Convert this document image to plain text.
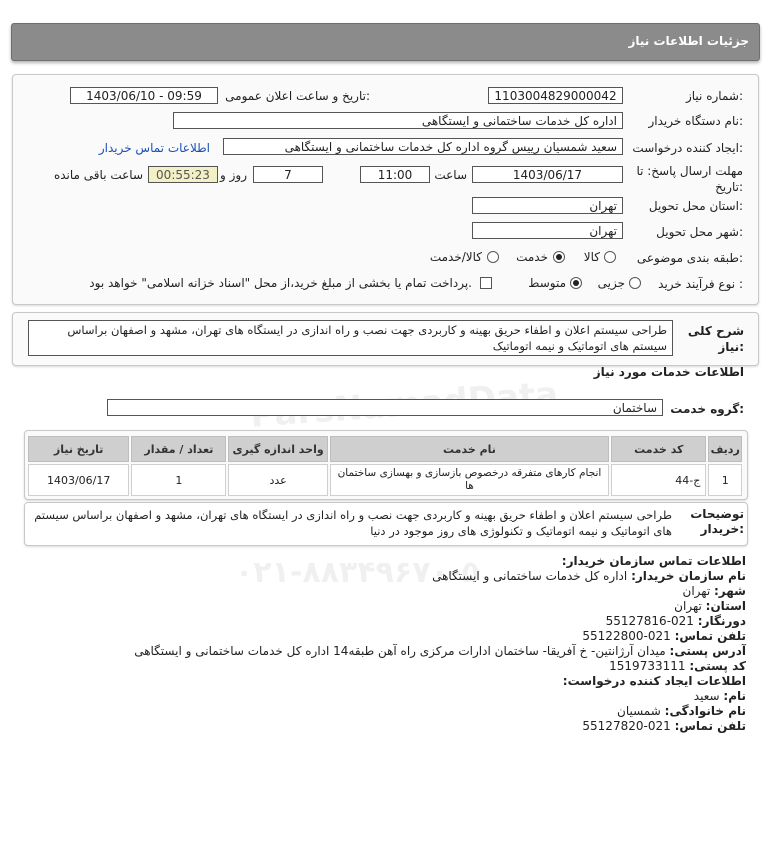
جزئیات اطلاعات نیاز
۰۲۱-۸۸۳۴۹۶۷۰-۵
شماره نیاز:
1103004829000042
تاریخ و ساعت اعلان عمومی:
1403/06/10 - 09:59
نام دستگاه خریدار:
اداره کل خدمات ساختمانی و ایستگاهی
ایجاد کننده درخواست:
سعید شمسیان رییس گروه اداره کل خدمات ساختمانی و ایستگاهی
اطلاعات تماس خریدار
مهلت ارسال پاسخ: تا
تاریخ:
1403/06/17
ساعت
11:00
7
روز و
00:55:23
ساعت باقی مانده
استان محل تحویل:
تهران
شهر محل تحویل:
تهران
طبقه بندی موضوعی:
کالا
خدمت
کالا/خدمت
نوع فرآیند خرید :
جزیی
متوسط
پرداخت تمام یا بخشی از مبلغ خرید،از محل "اسناد خزانه اسلامی" خواهد بود.
شرح کلی
نیاز:
طراحی سیستم اعلان و اطفاء حریق بهینه و کاربردی جهت نصب و راه اندازی در ایستگاه های تهران، مشهد و اصفهان براساس سیستم های اتوماتیک و نیمه اتوماتیک
اطلاعات خدمات مورد نیاز
گروه خدمت:
ساختمان
ردیف	کد خدمت	نام خدمت	واحد اندازه گیری	تعداد / مقدار	تاریخ نیاز
1	ج-44	انجام کارهای متفرقه درخصوص بازسازی و بهسازی ساختمان ها	عدد	1	1403/06/17
توضیحات
خریدار:
طراحی سیستم اعلان و اطفاء حریق بهینه و کاربردی جهت نصب و راه اندازی در ایستگاه های تهران، مشهد و اصفهان براساس سیستم های اتوماتیک و نیمه اتوماتیک و تکنولوژی های روز موجود در دنیا
اطلاعات تماس سازمان خریدار:
نام سازمان خریدار: اداره کل خدمات ساختمانی و ایستگاهی
شهر: تهران
استان: تهران
دورنگار: 021-55127816
تلفن تماس: 021-55122800
آدرس پستی: میدان آرژانتین- خ آفریقا- ساختمان ادارات مرکزی راه آهن طبقه14 اداره کل خدمات ساختمانی و ایستگاهی
کد پستی: 1519733111
اطلاعات ایجاد کننده درخواست:
نام: سعید
نام خانوادگی: شمسیان
تلفن تماس: 021-55127820
